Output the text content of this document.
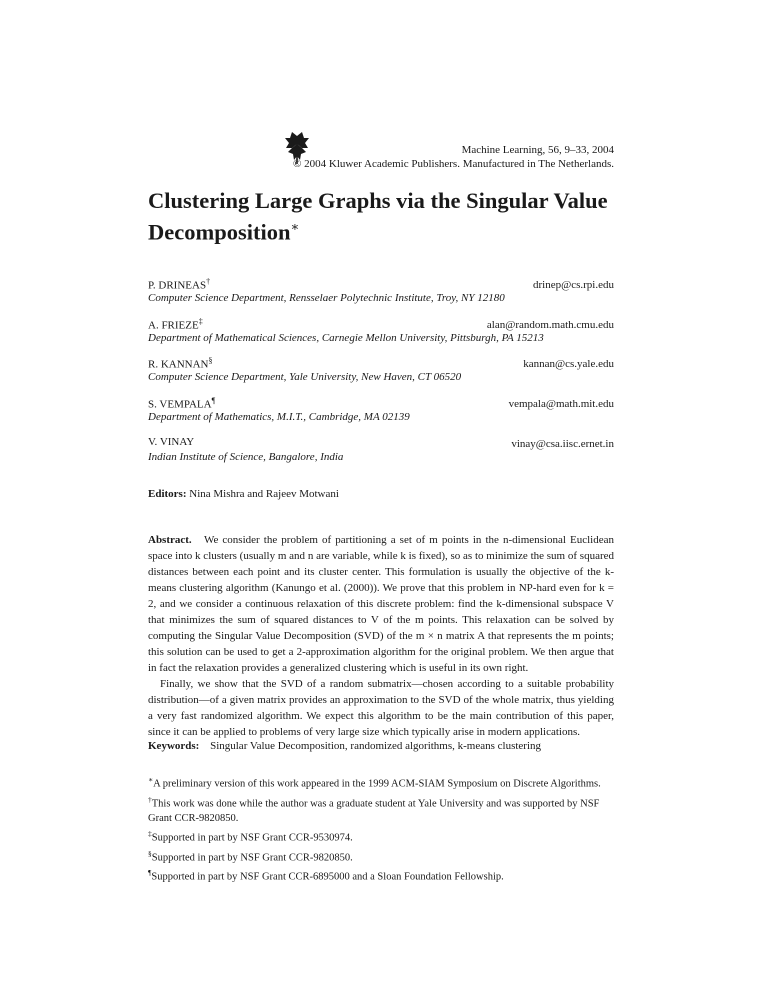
Machine Learning, 56, 9–33, 2004
© 2004 Kluwer Academic Publishers. Manufactured in The Netherlands.
Clustering Large Graphs via the Singular Value
Decomposition∗
P. DRINEAS†	drinep@cs.rpi.edu
Computer Science Department, Rensselaer Polytechnic Institute, Troy, NY 12180
A. FRIEZE‡	alan@random.math.cmu.edu
Department of Mathematical Sciences, Carnegie Mellon University, Pittsburgh, PA 15213
R. KANNAN§	kannan@cs.yale.edu
Computer Science Department, Yale University, New Haven, CT 06520
S. VEMPALA¶	vempala@math.mit.edu
Department of Mathematics, M.I.T., Cambridge, MA 02139
V. VINAY	vinay@csa.iisc.ernet.in
Indian Institute of Science, Bangalore, India
Editors: Nina Mishra and Rajeev Motwani

Abstract. We consider the problem of partitioning a set of m points in the n-dimensional Euclidean space into k clusters (usually m and n are variable, while k is fixed), so as to minimize the sum of squared distances between each point and its cluster center. This formulation is usually the objective of the k-means clustering algorithm (Kanungo et al. (2000)). We prove that this problem in NP-hard even for k = 2, and we consider a continuous relaxation of this discrete problem: find the k-dimensional subspace V that minimizes the sum of squared distances to V of the m points. This relaxation can be solved by computing the Singular Value Decomposition (SVD) of the m × n matrix A that represents the m points; this solution can be used to get a 2-approximation algorithm for the original problem. We then argue that in fact the relaxation provides a generalized clustering which is useful in its own right.

Finally, we show that the SVD of a random submatrix—chosen according to a suitable probability distribution—of a given matrix provides an approximation to the SVD of the whole matrix, thus yielding a very fast randomized algorithm. We expect this algorithm to be the main contribution of this paper, since it can be applied to problems of very large size which typically arise in modern applications.

Keywords: Singular Value Decomposition, randomized algorithms, k-means clustering
∗A preliminary version of this work appeared in the 1999 ACM-SIAM Symposium on Discrete Algorithms.
†This work was done while the author was a graduate student at Yale University and was supported by NSF Grant CCR-9820850.
‡Supported in part by NSF Grant CCR-9530974.
§Supported in part by NSF Grant CCR-9820850.
¶Supported in part by NSF Grant CCR-6895000 and a Sloan Foundation Fellowship.
